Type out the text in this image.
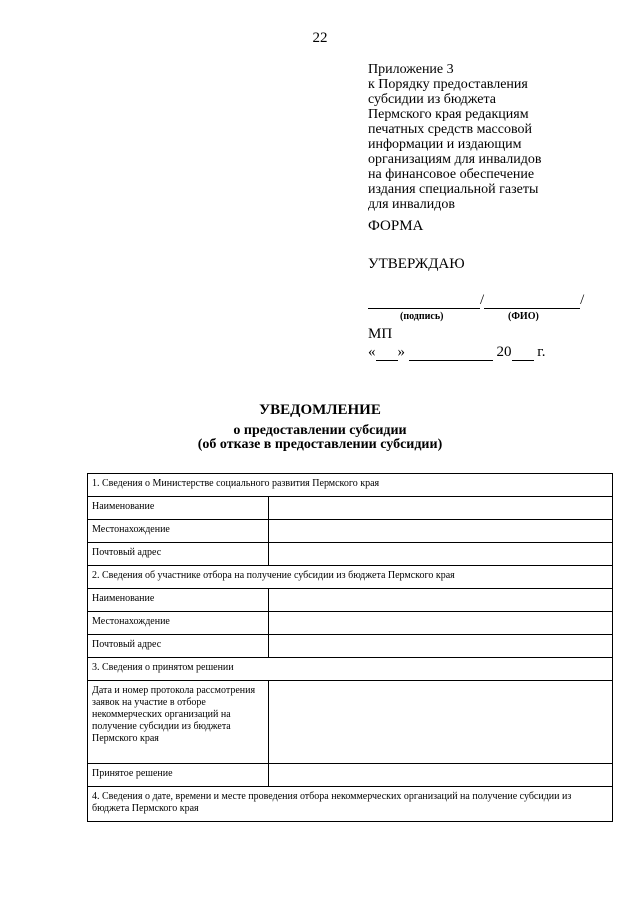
22
Приложение 3
к Порядку предоставления
субсидии из бюджета
Пермского края редакциям
печатных средств массовой
информации и издающим
организациям для инвалидов
на финансовое обеспечение
издания специальной газеты
для инвалидов
ФОРМА
УТВЕРЖДАЮ
/	/
(подпись)	(ФИО)
МП
« »	20 г.
УВЕДОМЛЕНИЕ
о предоставлении субсидии
(об отказе в предоставлении субсидии)
1. Сведения о Министерстве социального развития Пермского края	
Наименование	
Местонахождение	
Почтовый адрес	
2. Сведения об участнике отбора на получение субсидии из бюджета Пермского края	
Наименование	
Местонахождение	
Почтовый адрес	
3. Сведения о принятом решении	
Дата и номер протокола рассмотрения заявок на участие в отборе некоммерческих организаций на получение субсидии из бюджета Пермского края	
Принятое решение	
4. Сведения о дате, времени и месте проведения отбора некоммерческих организаций на получение субсидии из бюджета Пермского края	
